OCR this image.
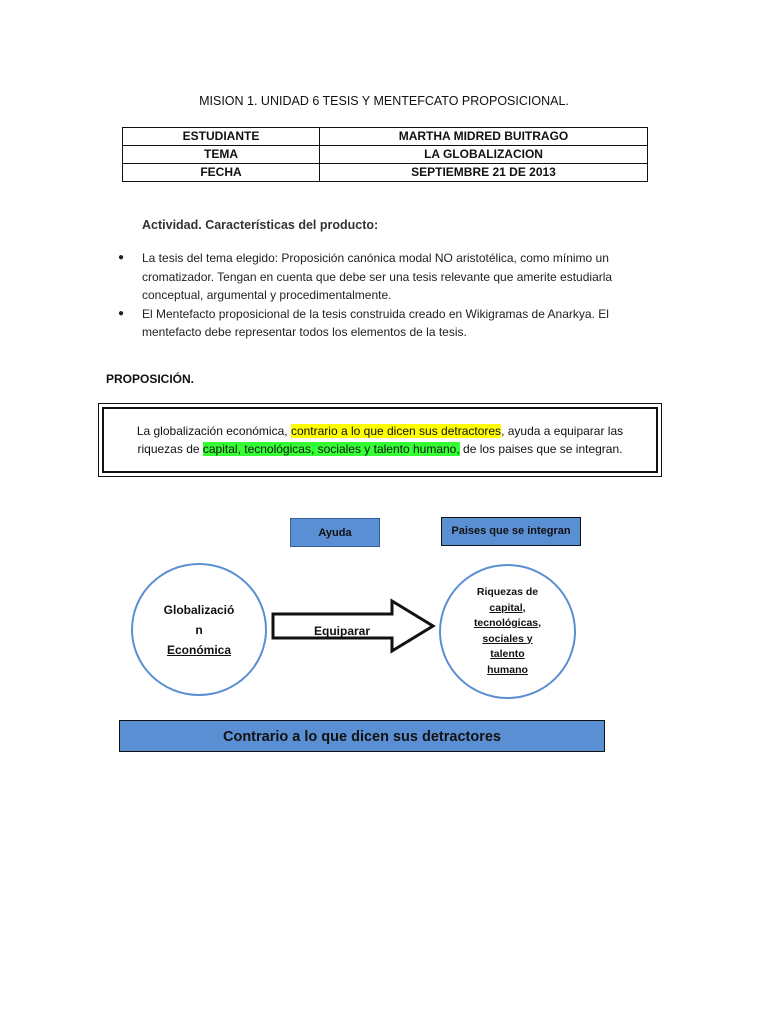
MISION 1. UNIDAD 6 TESIS Y MENTEFCATO PROPOSICIONAL.
ESTUDIANTE	MARTHA MIDRED BUITRAGO
TEMA	LA GLOBALIZACION
FECHA	SEPTIEMBRE 21 DE 2013
Actividad. Características del producto:
● La tesis del tema elegido: Proposición canónica modal NO aristotélica, como mínimo un cromatizador. Tengan en cuenta que debe ser una tesis relevante que amerite estudiarla conceptual, argumental y procedimentalmente.
● El Mentefacto proposicional de la tesis construida creado en Wikigramas de Anarkya. El mentefacto debe representar todos los elementos de la tesis.
PROPOSICIÓN.
La globalización económica, contrario a lo que dicen sus detractores, ayuda a equiparar las riquezas de capital, tecnológicas, sociales y talento humano, de los paises que se integran.
Ayuda	Paises que se integran
Globalizació
n
Económica
Equiparar
Riquezas de
capital,
tecnológicas,
sociales y
talento
humano
Contrario a lo que dicen sus detractores
